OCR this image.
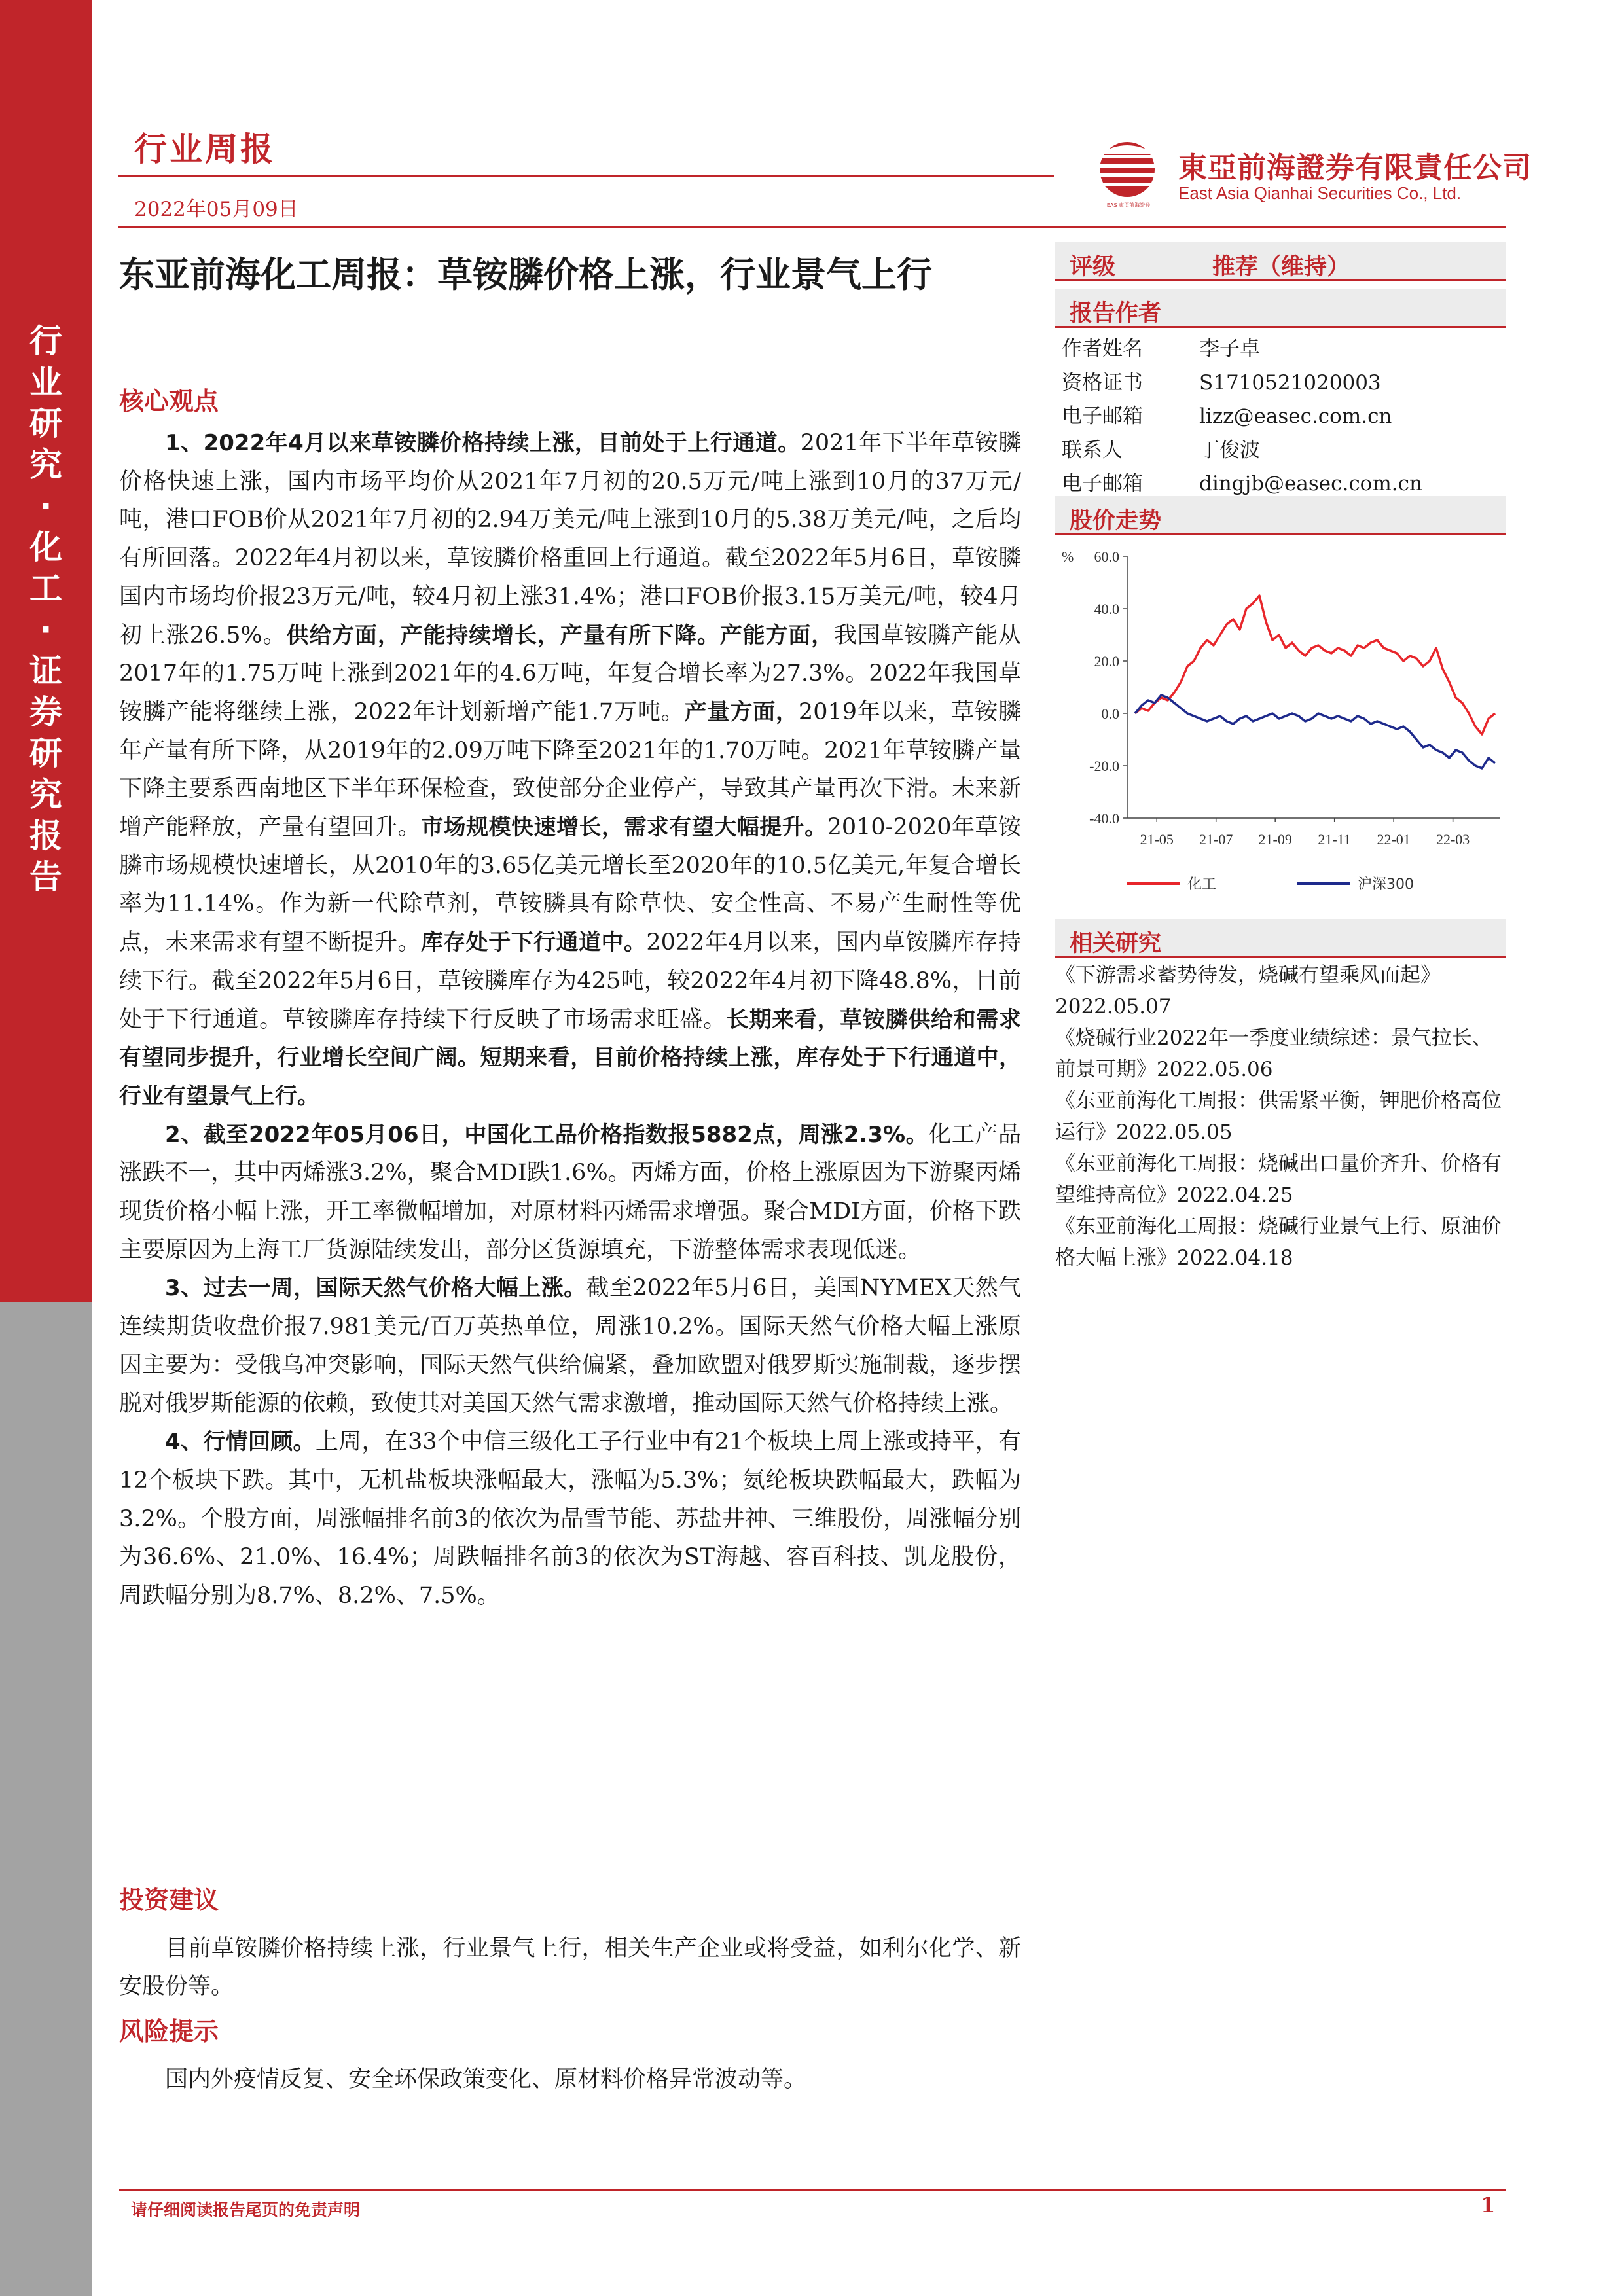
行
业
研
究
·
化
工
·
证
券
研
究
报
告
行业周报
2022年05月09日	EAS 東亞前海證券
東亞前海證券有限責任公司
East Asia Qianhai Securities Co., Ltd.
东亚前海化工周报：草铵膦价格上涨，行业景气上行
核心观点

1、2022年4月以来草铵膦价格持续上涨，目前处于上行通道。2021年下半年草铵膦价格快速上涨，国内市场平均价从2021年7月初的20.5万元/吨上涨到10月的37万元/吨，港口FOB价从2021年7月初的2.94万美元/吨上涨到10月的5.38万美元/吨，之后均有所回落。2022年4月初以来，草铵膦价格重回上行通道。截至2022年5月6日，草铵膦国内市场均价报23万元/吨，较4月初上涨31.4%；港口FOB价报3.15万美元/吨，较4月初上涨26.5%。供给方面，产能持续增长，产量有所下降。产能方面，我国草铵膦产能从2017年的1.75万吨上涨到2021年的4.6万吨，年复合增长率为27.3%。2022年我国草铵膦产能将继续上涨，2022年计划新增产能1.7万吨。产量方面，2019年以来，草铵膦年产量有所下降，从2019年的2.09万吨下降至2021年的1.70万吨。2021年草铵膦产量下降主要系西南地区下半年环保检查，致使部分企业停产，导致其产量再次下滑。未来新增产能释放，产量有望回升。市场规模快速增长，需求有望大幅提升。2010-2020年草铵膦市场规模快速增长，从2010年的3.65亿美元增长至2020年的10.5亿美元,年复合增长率为11.14%。作为新一代除草剂，草铵膦具有除草快、安全性高、不易产生耐性等优点，未来需求有望不断提升。库存处于下行通道中。2022年4月以来，国内草铵膦库存持续下行。截至2022年5月6日，草铵膦库存为425吨，较2022年4月初下降48.8%，目前处于下行通道。草铵膦库存持续下行反映了市场需求旺盛。长期来看，草铵膦供给和需求有望同步提升，行业增长空间广阔。短期来看，目前价格持续上涨，库存处于下行通道中，行业有望景气上行。

2、截至2022年05月06日，中国化工品价格指数报5882点，周涨2.3%。化工产品涨跌不一，其中丙烯涨3.2%，聚合MDI跌1.6%。丙烯方面，价格上涨原因为下游聚丙烯现货价格小幅上涨，开工率微幅增加，对原材料丙烯需求增强。聚合MDI方面，价格下跌主要原因为上海工厂货源陆续发出，部分区货源填充，下游整体需求表现低迷。

3、过去一周，国际天然气价格大幅上涨。截至2022年5月6日，美国NYMEX天然气连续期货收盘价报7.981美元/百万英热单位，周涨10.2%。国际天然气价格大幅上涨原因主要为：受俄乌冲突影响，国际天然气供给偏紧，叠加欧盟对俄罗斯实施制裁，逐步摆脱对俄罗斯能源的依赖，致使其对美国天然气需求激增，推动国际天然气价格持续上涨。

4、行情回顾。上周，在33个中信三级化工子行业中有21个板块上周上涨或持平，有12个板块下跌。其中，无机盐板块涨幅最大，涨幅为5.3%；氨纶板块跌幅最大，跌幅为3.2%。个股方面，周涨幅排名前3的依次为晶雪节能、苏盐井神、三维股份，周涨幅分别为36.6%、21.0%、16.4%；周跌幅排名前3的依次为ST海越、容百科技、凯龙股份，周跌幅分别为8.7%、8.2%、7.5%。

投资建议
目前草铵膦价格持续上涨，行业景气上行，相关生产企业或将受益，如利尔化学、新安股份等。
风险提示
国内外疫情反复、安全环保政策变化、原材料价格异常波动等。
评级	推荐（维持）
报告作者
作者姓名	李子卓
资格证书	S1710521020003
电子邮箱	lizz@easec.com.cn
联系人	丁俊波
电子邮箱	dingjb@easec.com.cn
股价走势
% 60.0
40.0
20.0
0.0
-20.0
-40.0
21-05 21-07 21-09 21-11 22-01 22-03
化工	沪深300
相关研究
《下游需求蓄势待发，烧碱有望乘风而起》2022.05.07
《烧碱行业2022年一季度业绩综述：景气拉长、前景可期》2022.05.06
《东亚前海化工周报：供需紧平衡，钾肥价格高位运行》2022.05.05
《东亚前海化工周报：烧碱出口量价齐升、价格有望维持高位》2022.04.25
《东亚前海化工周报：烧碱行业景气上行、原油价格大幅上涨》2022.04.18
请仔细阅读报告尾页的免责声明	1
